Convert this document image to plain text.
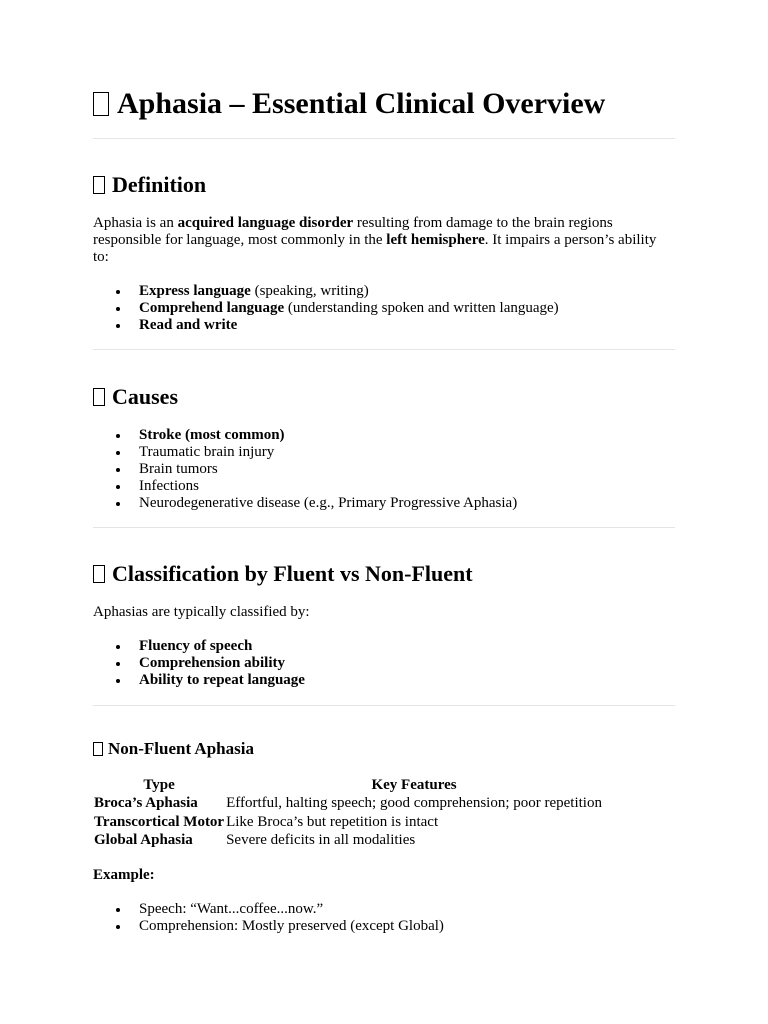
Aphasia – Essential Clinical Overview
Definition

Aphasia is an acquired language disorder resulting from damage to the brain regions responsible for language, most commonly in the left hemisphere. It impairs a person’s ability to:

Express language (speaking, writing)
Comprehend language (understanding spoken and written language)
Read and write
Causes
Stroke (most common)
Traumatic brain injury
Brain tumors
Infections
Neurodegenerative disease (e.g., Primary Progressive Aphasia)
Classification by Fluent vs Non-Fluent

Aphasias are typically classified by:

Fluency of speech
Comprehension ability
Ability to repeat language
Non-Fluent Aphasia
Type	Key Features
Broca’s Aphasia	Effortful, halting speech; good comprehension; poor repetition
Transcortical Motor	Like Broca’s but repetition is intact
Global Aphasia	Severe deficits in all modalities

Example:

Speech: “Want...coffee...now.”
Comprehension: Mostly preserved (except Global)
